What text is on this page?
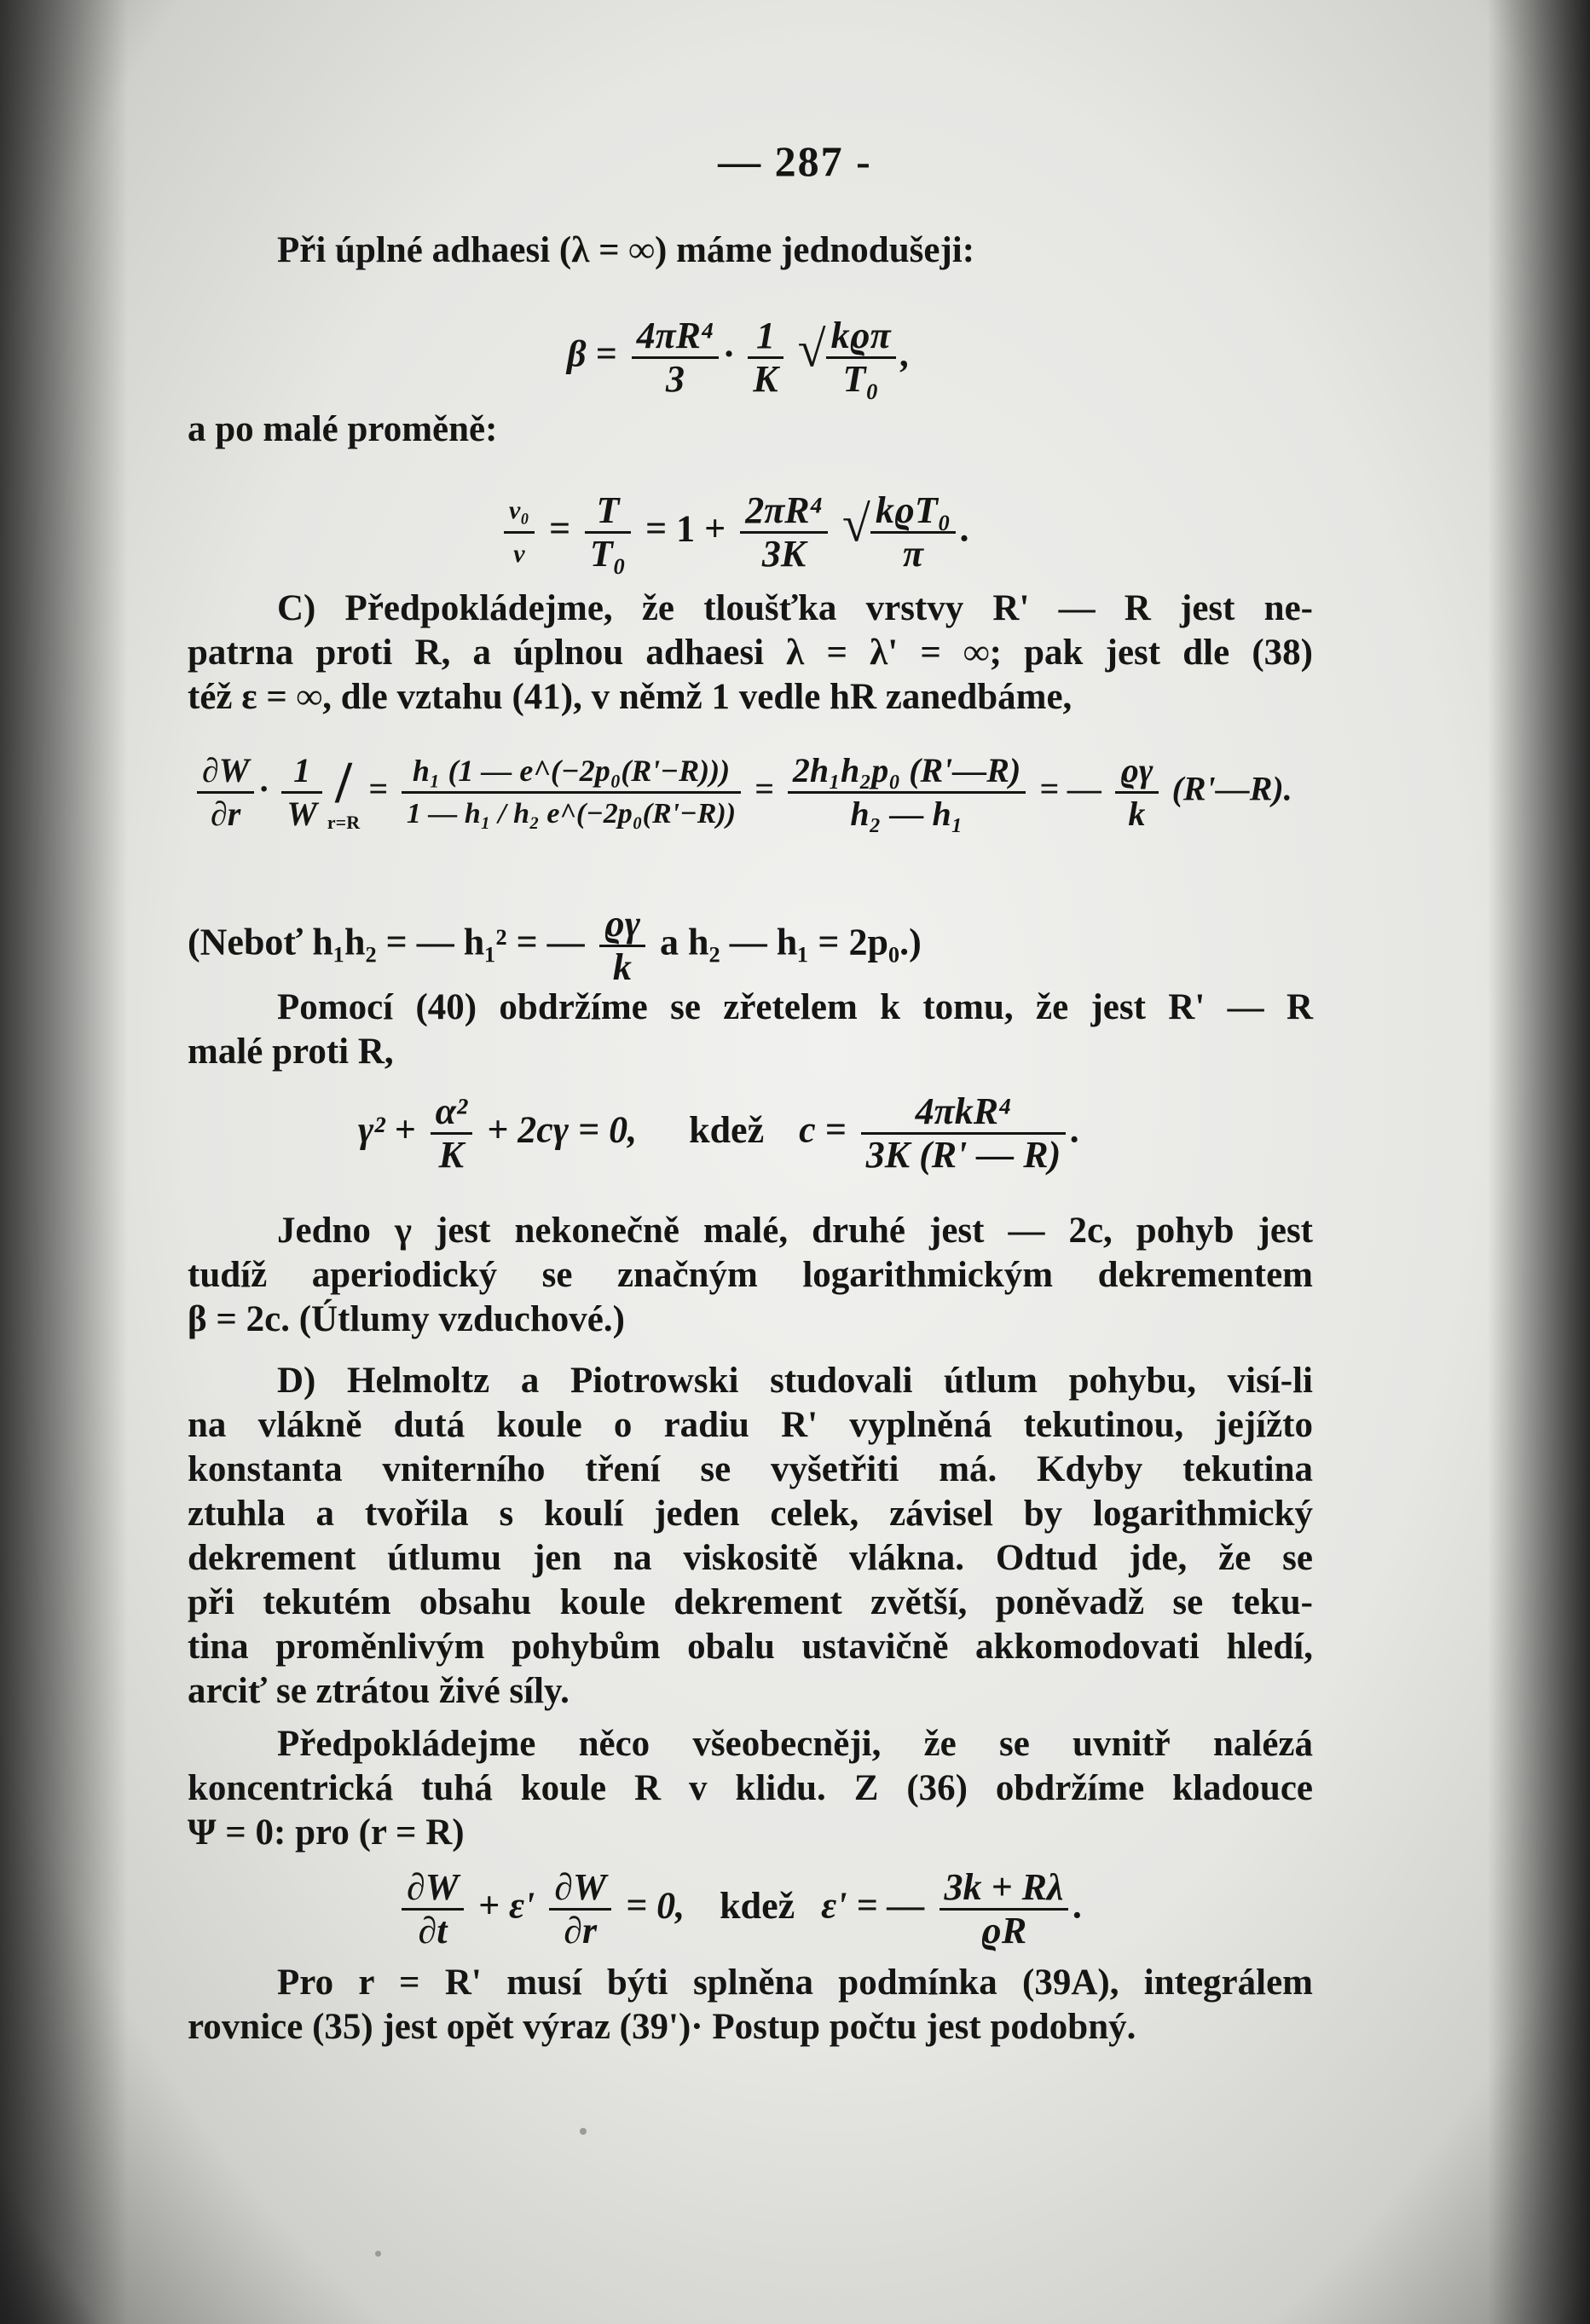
— 287 -
Při úplné adhaesi (λ = ∞) máme jednodušeji:
$\beta = \frac{\text{4πR⁴}}{3} \cdot \frac{1}{K}$ √ $\frac{\text{kϱπ}}{\text{T₀}}$ ,
a po malé proměně:
$\frac{\text{ν₀}}{\nu} = \frac{T}{\text{T₀}} = 1 + \frac{\text{2πR⁴}}{3K}$ √ $\frac{\text{kϱT₀}}{\pi}$ .
C) Předpokládejme, že tloušťka vrstvy R' — R jest ne-
patrna proti R, a úplnou adhaesi λ = λ' = ∞; pak jest dle (38)
též ε = ∞, dle vztahu (41), v němž 1 vedle hR zanedbáme,
$\frac{\partial W}{\partial r} \cdot \frac{1}{W}$ /
r=R
= $\frac{\text{h₁ (1 — e\textasciicircum{}(−2p₀(R'−R)))}}{\text{1 — h₁ / h₂ e\textasciicircum{}(−2p₀(R'−R))}} = \frac{\text{2h₁h₂p₀ (R'—R)}}{\text{h₂ — h₁}}$ = — $\frac{ϱ\gamma}{k}$ (R'—R).
(Neboť h₁h₂ = — h₁² = — $\frac{ϱ\gamma}{k}$ a h₂ — h₁ = 2p₀.)
Pomocí (40) obdržíme se zřetelem k tomu, že jest R' — R
malé proti R,
$\gamma^2 + \frac{\text{α²}}{K} + 2c\gamma = 0$, kdež $c = \frac{\text{4πkR⁴}}{3K (R' — R)}$ .
Jedno γ jest nekonečně malé, druhé jest — 2c, pohyb jest
tudíž aperiodický se značným logarithmickým dekrementem
β = 2c. (Útlumy vzduchové.)
D) Helmoltz a Piotrowski studovali útlum pohybu, visí-li
na vlákně dutá koule o radiu R' vyplněná tekutinou, jejížto
konstanta vniterního tření se vyšetřiti má. Kdyby tekutina
ztuhla a tvořila s koulí jeden celek, závisel by logarithmický
dekrement útlumu jen na viskositě vlákna. Odtud jde, že se
při tekutém obsahu koule dekrement zvětší, poněvadž se teku-
tina proměnlivým pohybům obalu ustavičně akkomodovati hledí,
arciť se ztrátou živé síly.
Předpokládejme něco všeobecněji, že se uvnitř nalézá
koncentrická tuhá koule R v klidu. Z (36) obdržíme kladouce
Ψ = 0: pro (r = R)
$\frac{\partial W}{\partial t} + \varepsilon' \frac{\partial W}{\partial r} = 0$, kdež ε' = — $\frac{3k + R\lambda}{ϱR}$ .
Pro r = R' musí býti splněna podmínka (39A), integrálem
rovnice (35) jest opět výraz (39')· Postup počtu jest podobný.
